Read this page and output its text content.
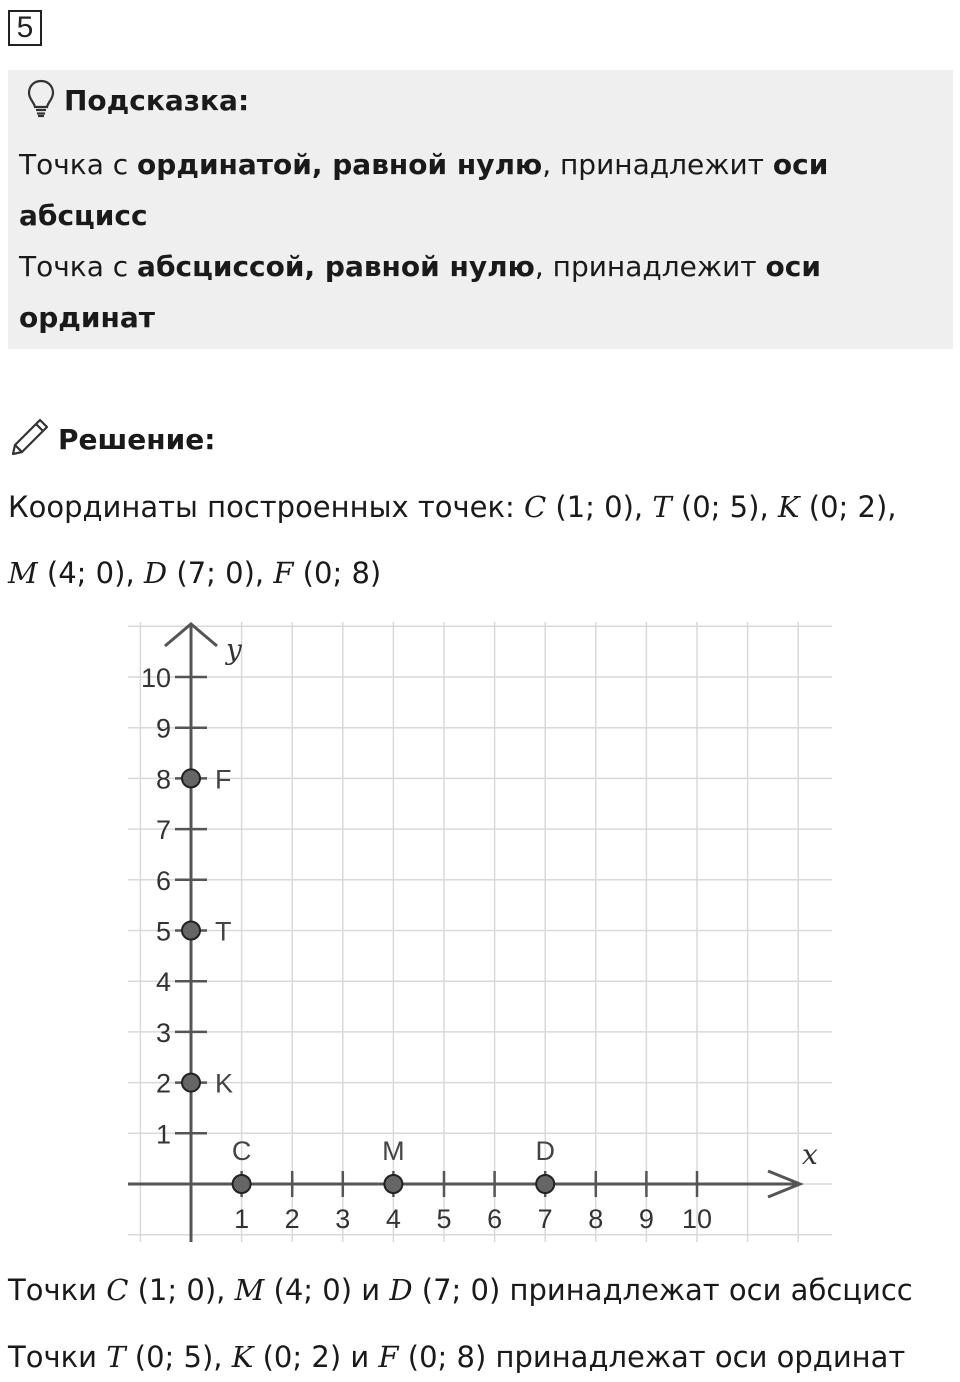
5
Подсказка:
Точка с ординатой, равной нулю, принадлежит оси
абсцисс
Точка с абсциссой, равной нулю, принадлежит оси
ординат
Решение:
Координаты построенных точек: C (1; 0), T (0; 5), K (0; 2),
M (4; 0), D (7; 0), F (0; 8)
1 2 3 4 5 6 7 8 9 10
1
2
3
4
5
6
7
8
9
10
C	M	D
K
T
F
x
y
Точки C (1; 0), M (4; 0) и D (7; 0) принадлежат оси абсцисс
Точки T (0; 5), K (0; 2) и F (0; 8) принадлежат оси ординат
